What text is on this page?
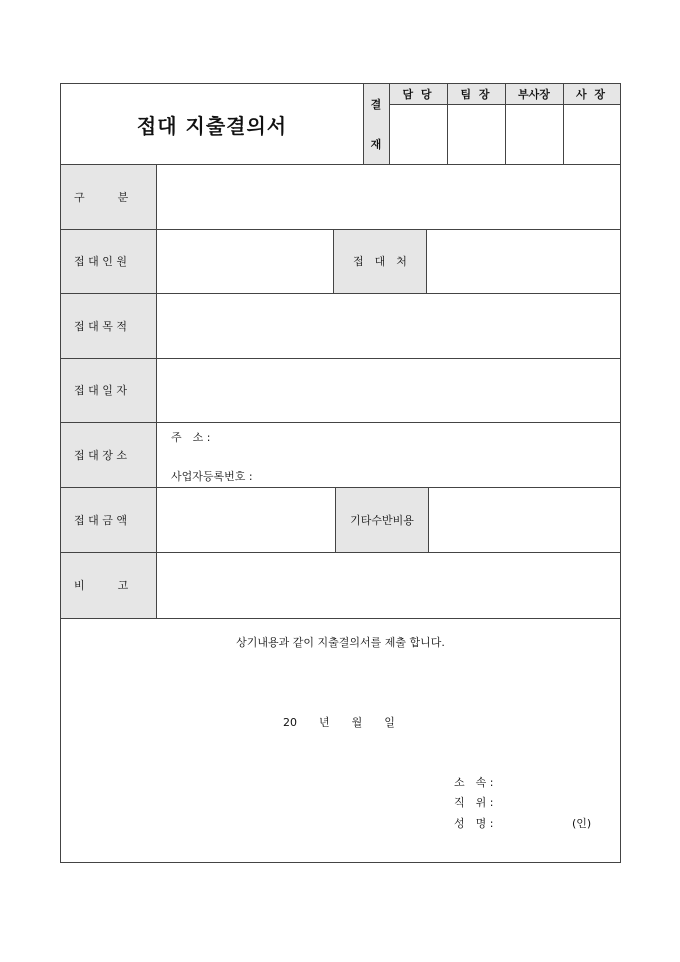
접대 지출결의서
결
재
담 당	팀 장	부사장	사 장
구　　　분
접 대 인 원	접　대　처
접 대 목 적
접 대 일 자
접 대 장 소
주　소 :
사업자등록번호 :
접 대 금 액	기타수반비용
비　　　고
상기내용과 같이 지출결의서를 제출 합니다.
20　　년　　월　　일
소　속 :
직　위 :
성　명 :	(인)
